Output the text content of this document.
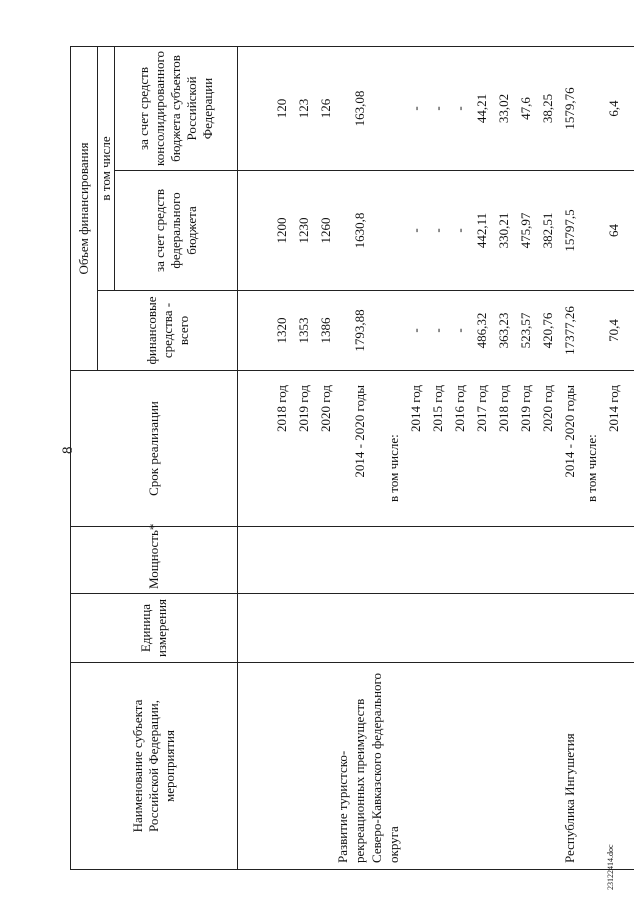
8
Наименование субъекта Российской Федерации, мероприятия	Единица измерения	Мощность*	Срок реализации	Объем финансирования		
				финансовые средства - всего	в том числе	
					за счет средств федерального бюджета	за счет средств консолидированного бюджета субъектов Российской Федерации

			2018 год	1320	1200	120
			2019 год	1353	1230	123
			2020 год	1386	1260	126
Развитие туристско-рекреационных преимуществ Северо-Кавказского федерального округа			2014 - 2020 годы	1793,88	1630,8	163,08
			в том числе:			
			2014 год	-	-	-
			2015 год	-	-	-
			2016 год	-	-	-
			2017 год	486,32	442,11	44,21
			2018 год	363,23	330,21	33,02
			2019 год	523,57	475,97	47,6
			2020 год	420,76	382,51	38,25
Республика Ингушетия			2014 - 2020 годы	17377,26	15797,5	1579,76
			в том числе:			
			2014 год	70,4	64	6,4

23122414.doc
